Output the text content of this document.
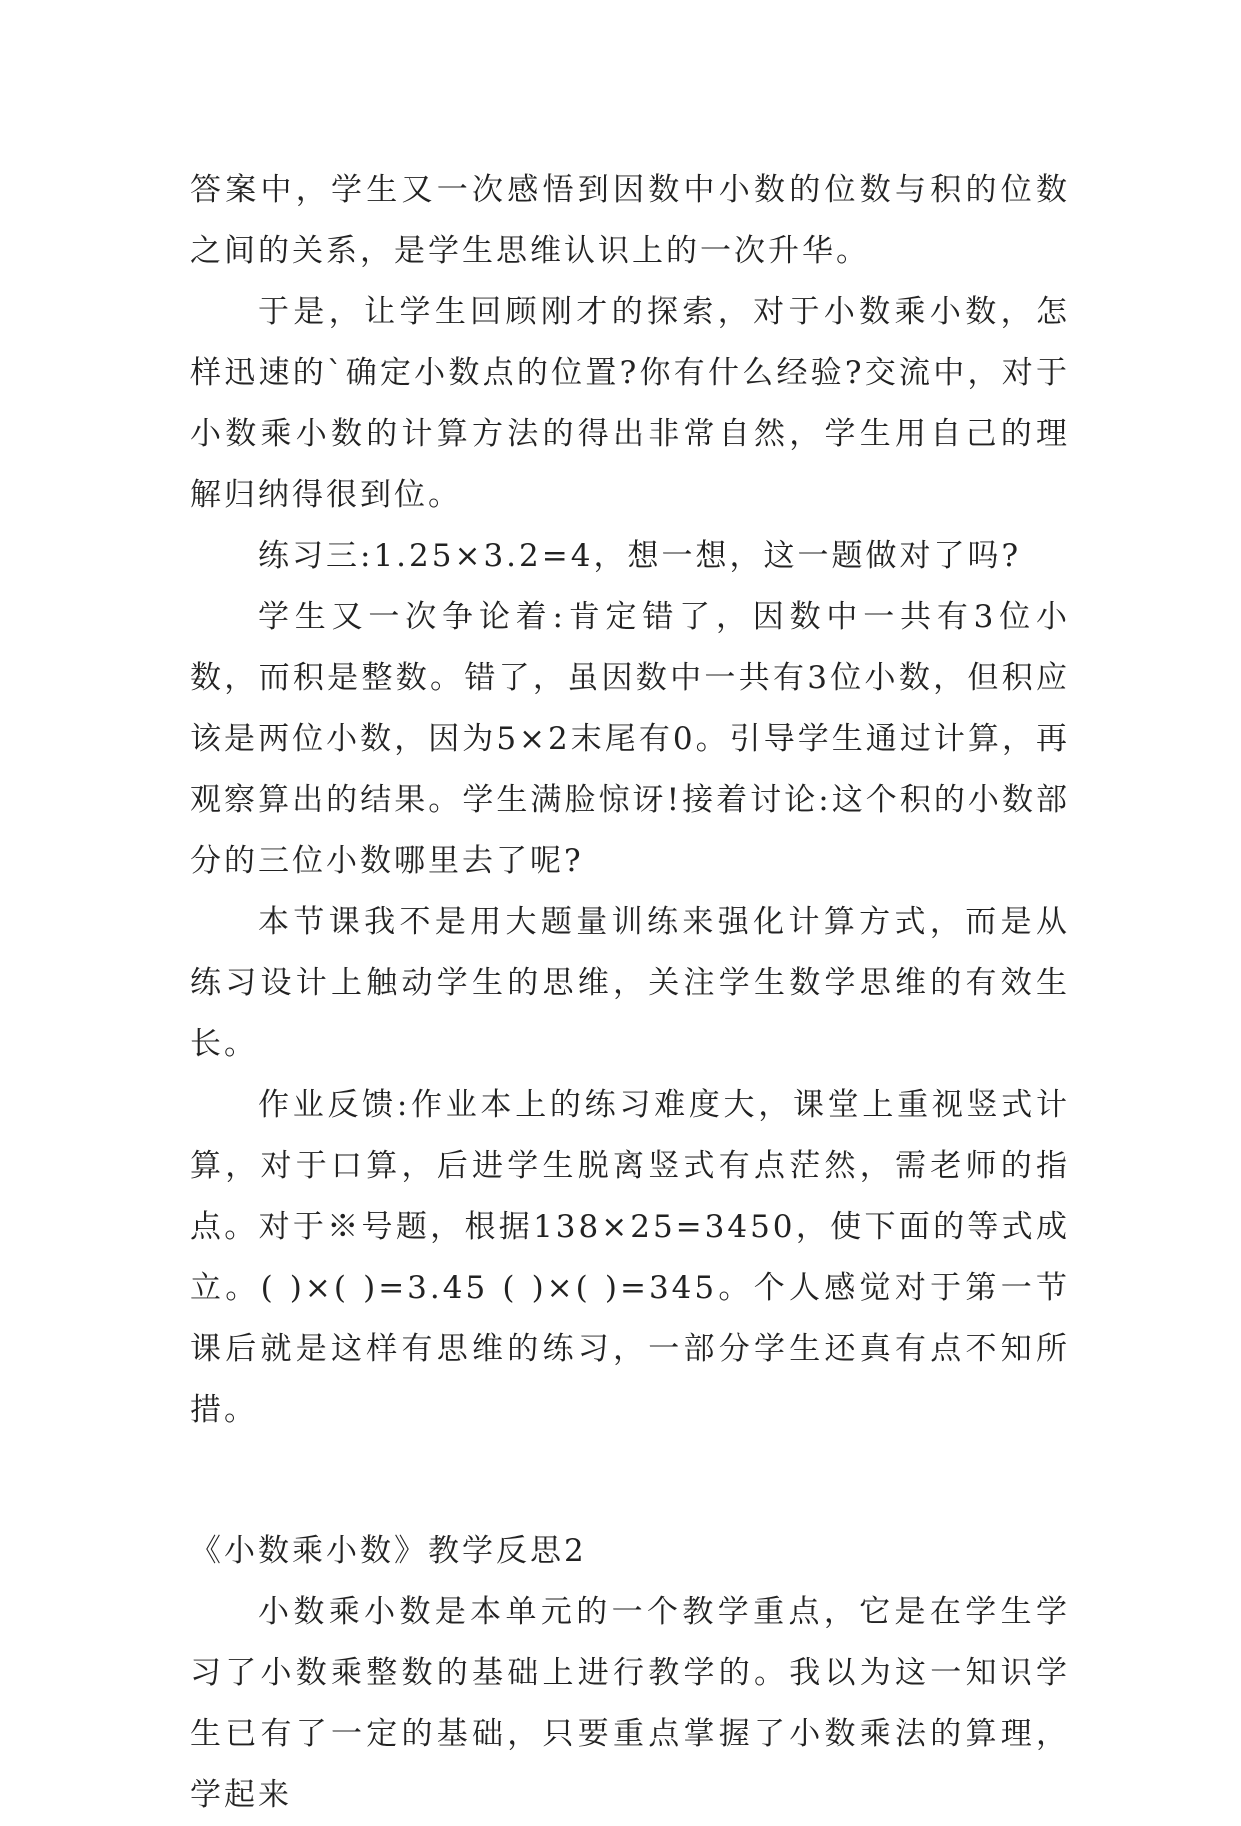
答案中，学生又一次感悟到因数中小数的位数与积的位数之间的关系，是学生思维认识上的一次升华。

于是，让学生回顾刚才的探索，对于小数乘小数，怎样迅速的`确定小数点的位置?你有什么经验?交流中，对于小数乘小数的计算方法的得出非常自然，学生用自己的理解归纳得很到位。

练习三:1.25×3.2=4，想一想，这一题做对了吗?

学生又一次争论着:肯定错了，因数中一共有3位小数，而积是整数。错了，虽因数中一共有3位小数，但积应该是两位小数，因为5×2末尾有0。引导学生通过计算，再观察算出的结果。学生满脸惊讶!接着讨论:这个积的小数部分的三位小数哪里去了呢?

本节课我不是用大题量训练来强化计算方式，而是从练习设计上触动学生的思维，关注学生数学思维的有效生长。

作业反馈:作业本上的练习难度大，课堂上重视竖式计算，对于口算，后进学生脱离竖式有点茫然，需老师的指点。对于※号题，根据138×25=3450，使下面的等式成立。( )×( )=3.45 ( )×( )=345。个人感觉对于第一节课后就是这样有思维的练习，一部分学生还真有点不知所措。

《小数乘小数》教学反思2

小数乘小数是本单元的一个教学重点，它是在学生学习了小数乘整数的基础上进行教学的。我以为这一知识学生已有了一定的基础，只要重点掌握了小数乘法的算理，学起来
